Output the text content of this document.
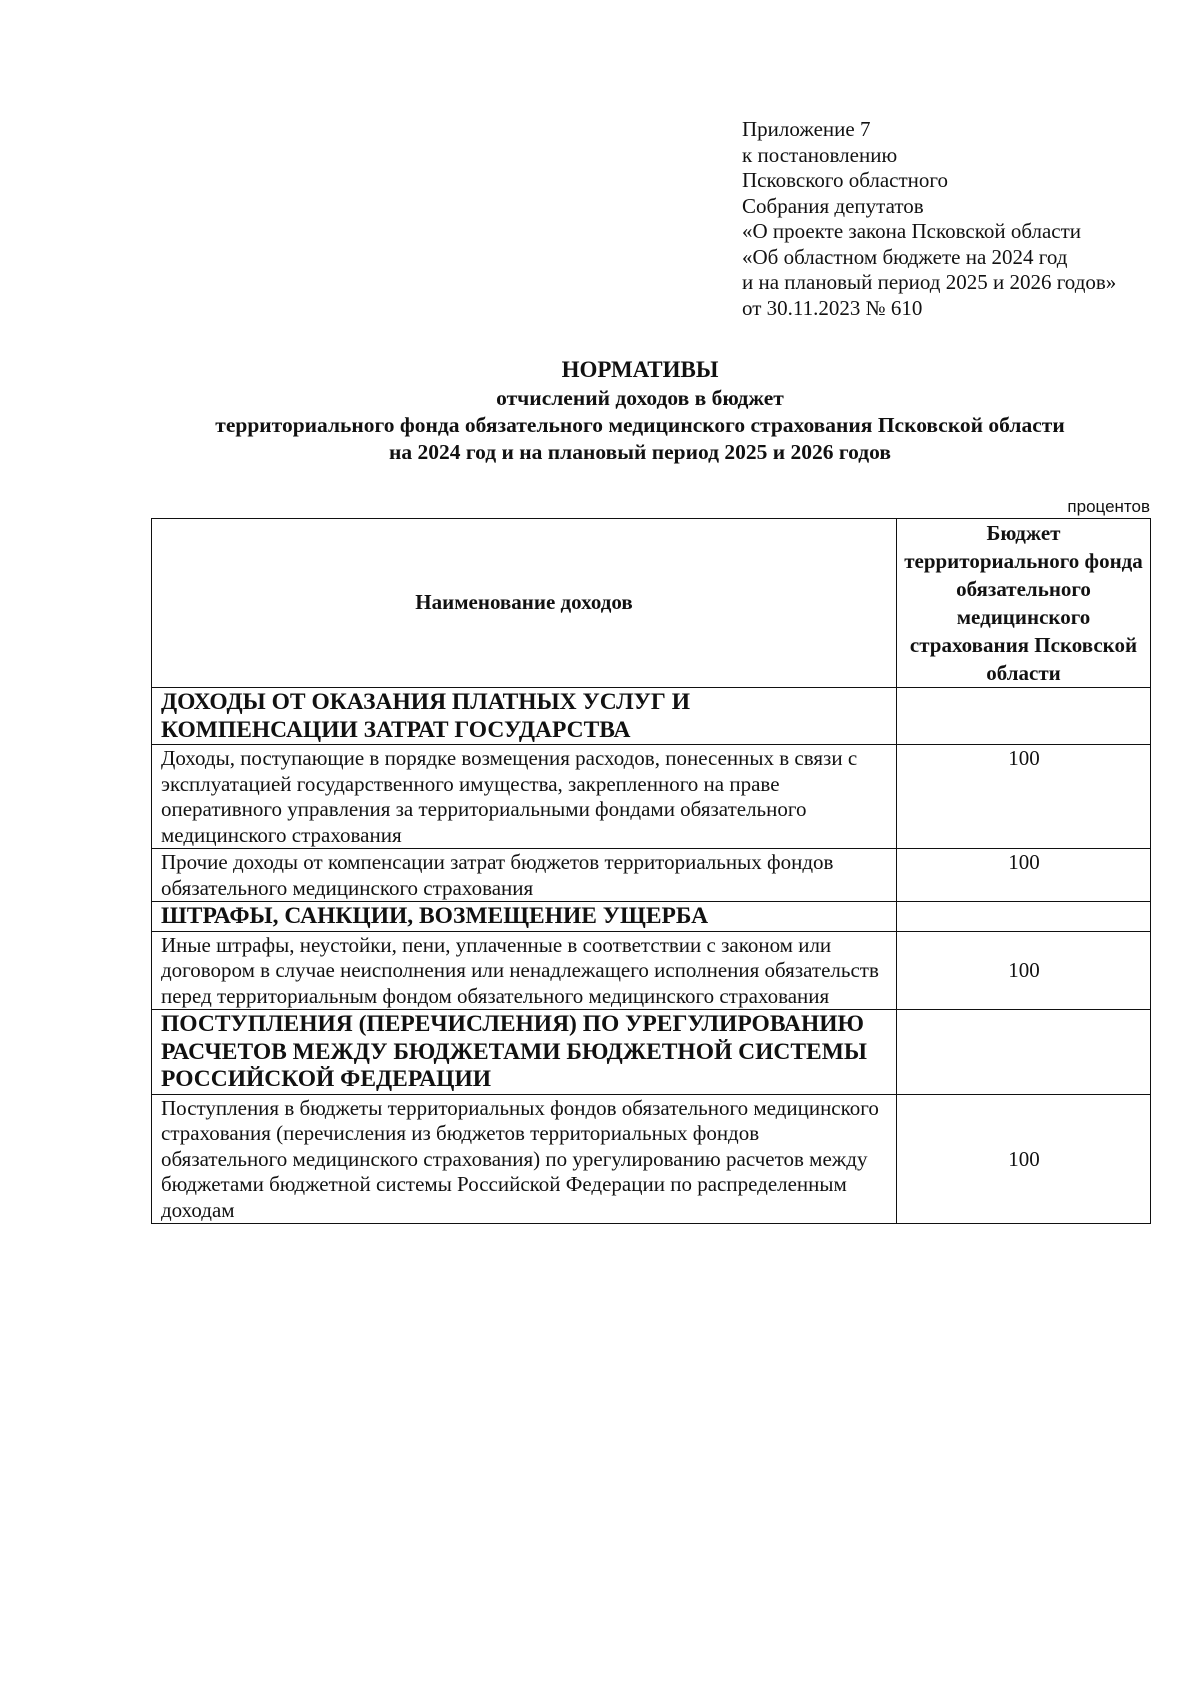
Приложение 7
к постановлению
Псковского областного
Собрания депутатов
«О проекте закона Псковской области
«Об областном бюджете на 2024 год
и на плановый период 2025 и 2026 годов»
от 30.11.2023 № 610
НОРМАТИВЫ
отчислений доходов в бюджет
территориального фонда обязательного медицинского страхования Псковской области
на 2024 год и на плановый период 2025 и 2026 годов
процентов
Наименование доходов	Бюджет территориального фонда обязательного медицинского страхования Псковской области
ДОХОДЫ ОТ ОКАЗАНИЯ ПЛАТНЫХ УСЛУГ И КОМПЕНСАЦИИ ЗАТРАТ ГОСУДАРСТВА	
Доходы, поступающие в порядке возмещения расходов, понесенных в связи с эксплуатацией государственного имущества, закрепленного на праве оперативного управления за территориальными фондами обязательного медицинского страхования	100
Прочие доходы от компенсации затрат бюджетов территориальных фондов обязательного медицинского страхования	100
ШТРАФЫ, САНКЦИИ, ВОЗМЕЩЕНИЕ УЩЕРБА	
Иные штрафы, неустойки, пени, уплаченные в соответствии с законом или договором в случае неисполнения или ненадлежащего исполнения обязательств перед территориальным фондом обязательного медицинского страхования	100
ПОСТУПЛЕНИЯ (ПЕРЕЧИСЛЕНИЯ) ПО УРЕГУЛИРОВАНИЮ РАСЧЕТОВ МЕЖДУ БЮДЖЕТАМИ БЮДЖЕТНОЙ СИСТЕМЫ РОССИЙСКОЙ ФЕДЕРАЦИИ	
Поступления в бюджеты территориальных фондов обязательного медицинского страхования (перечисления из бюджетов территориальных фондов обязательного медицинского страхования) по урегулированию расчетов между бюджетами бюджетной системы Российской Федерации по распределенным доходам	100
